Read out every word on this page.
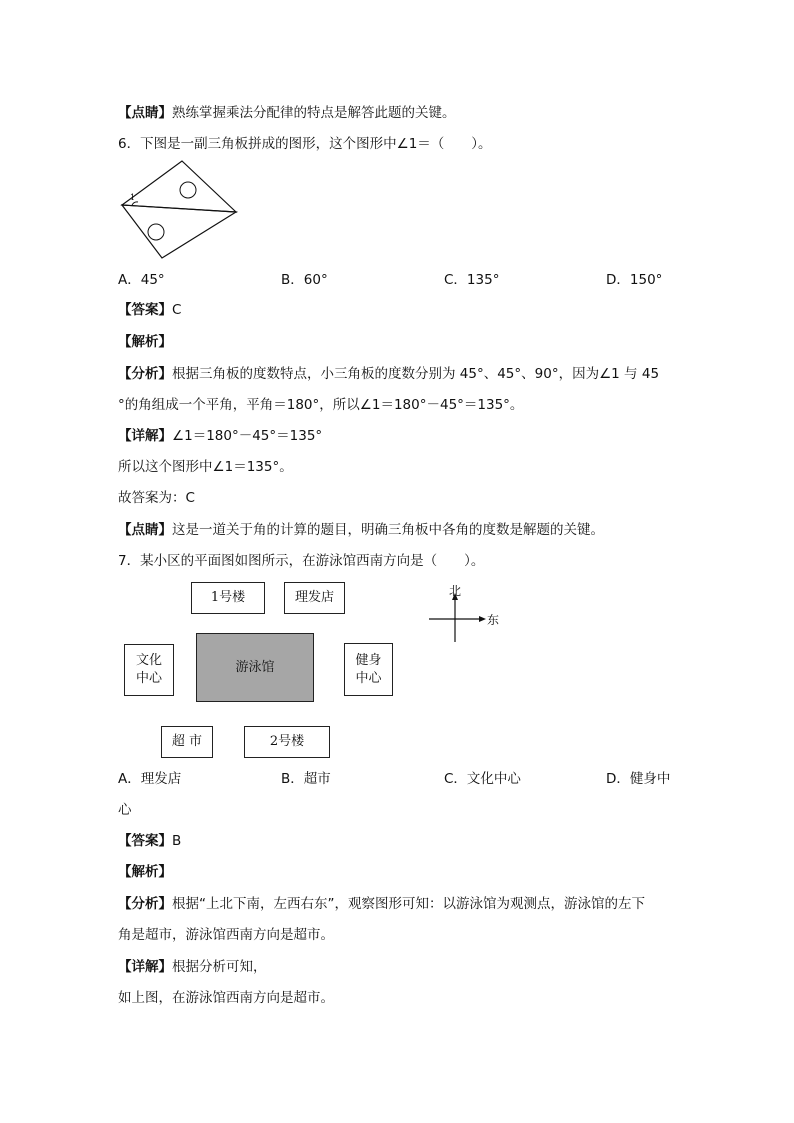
【点睛】熟练掌握乘法分配律的特点是解答此题的关键。
6．下图是一副三角板拼成的图形，这个图形中∠1＝（　　）。
1
A．45°	B．60°	C．135°	D．150°
【答案】C
【解析】
【分析】根据三角板的度数特点，小三角板的度数分别为 45°、45°、90°，因为∠1 与 45
°的角组成一个平角，平角＝180°，所以∠1＝180°－45°＝135°。
【详解】∠1＝180°－45°＝135°
所以这个图形中∠1＝135°。
故答案为：C
【点睛】这是一道关于角的计算的题目，明确三角板中各角的度数是解题的关键。
7．某小区的平面图如图所示，在游泳馆西南方向是（　　）。
1号楼	理发店
文化
中心
游泳馆	健身
中心
超 市	2号楼
北
东
A．理发店	B．超市	C．文化中心	D．健身中
心
【答案】B
【解析】
【分析】根据“上北下南，左西右东”，观察图形可知：以游泳馆为观测点，游泳馆的左下
角是超市，游泳馆西南方向是超市。
【详解】根据分析可知，
如上图，在游泳馆西南方向是超市。
